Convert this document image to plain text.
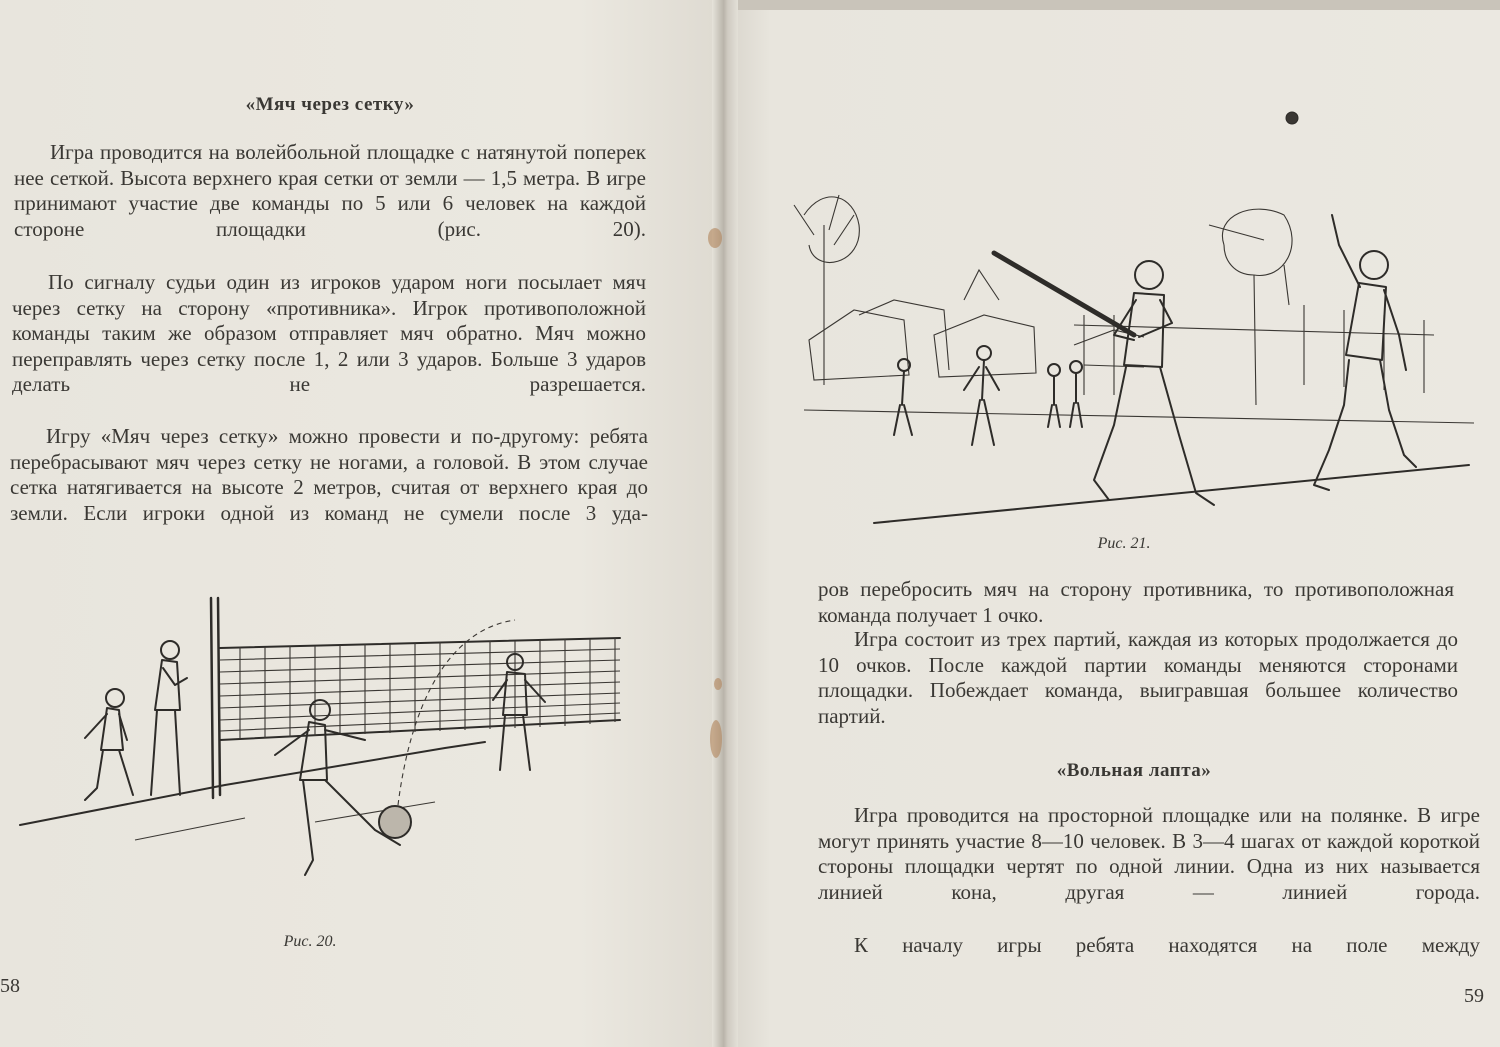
«Мяч через сетку»

Игра проводится на волейбольной площадке с натянутой поперек нее сеткой. Высота верхнего края сетки от земли — 1,5 метра. В игре принимают участие две команды по 5 или 6 человек на каждой стороне площадки (рис. 20).

По сигналу судьи один из игроков ударом ноги посылает мяч через сетку на сторону «противника». Игрок противоположной команды таким же образом отправляет мяч обратно. Мяч можно переправлять через сетку после 1, 2 или 3 ударов. Больше 3 ударов делать не разрешается.

Игру «Мяч через сетку» можно провести и по-другому: ребята перебрасывают мяч через сетку не ногами, а головой. В этом случае сетка натягивается на высоте 2 метров, считая от верхнего края до земли. Если игроки одной из команд не сумели после 3 уда-

Рис. 20.
58
Рис. 21.

ров перебросить мяч на сторону противника, то противоположная команда получает 1 очко.

Игра состоит из трех партий, каждая из которых продолжается до 10 очков. После каждой партии команды меняются сторонами площадки. Побеждает команда, выигравшая большее количество партий.

«Вольная лапта»

Игра проводится на просторной площадке или на полянке. В игре могут принять участие 8—10 человек. В 3—4 шагах от каждой короткой стороны площадки чертят по одной линии. Одна из них называется линией кона, другая — линией города.

К началу игры ребята находятся на поле между

59
